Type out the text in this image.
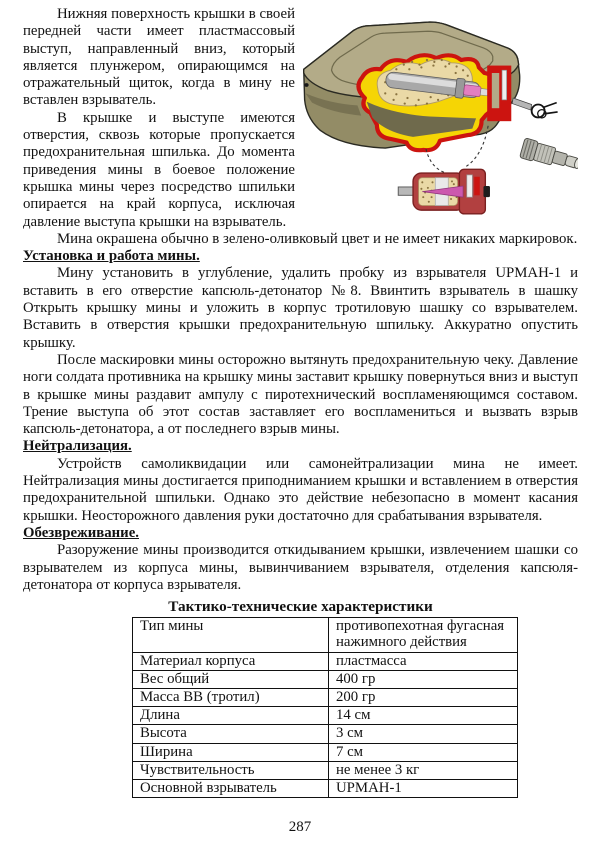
Нижняя поверхность крышки в своей передней части имеет пластмассовый выступ, направленный вниз, который является плунжером, опирающимся на отражательный щиток, когда в мину не вставлен взрыватель.

В крышке и выступе имеются отверстия, сквозь которые пропускается предохранительная шпилька. До момента приведения мины в боевое положение крышка мины через посредство шпильки опирается на край корпуса, исключая давление выступа крышки на взрыватель.

Мина окрашена обычно в зелено-оливковый цвет и не имеет никаких маркировок.

Установка и работа мины.

Мину установить в углубление, удалить пробку из взрывателя UPMAH-1 и вставить в его отверстие капсюль-детонатор №8. Ввинтить взрыватель в шашку Открыть крышку мины и уложить в корпус тротиловую шашку со взрывателем. Вставить в отверстия крышки предохранительную шпильку. Аккуратно опустить крышку.

После маскировки мины осторожно вытянуть предохранительную чеку. Давление ноги солдата противника на крышку мины заставит крышку повернуться вниз и выступ в крышке мины раздавит ампулу с пиротехнический воспламеняющимся составом. Трение выступа об этот состав заставляет его воспламениться и вызвать взрыв капсюль-детонатора, а от последнего взрыв мины.

Нейтрализация.

Устройств самоликвидации или самонейтрализации мина не имеет. Нейтрализация мины достигается приподниманием крышки и вставлением в отверстия предохранительной шпильки. Однако это действие небезопасно в момент касания крышки. Неосторожного давления руки достаточно для срабатывания взрывателя.

Обезвреживание.

Разоружение мины производится откидыванием крышки, извлечением шашки со взрывателем из корпуса мины, вывинчиванием взрывателя, отделения капсюля-детонатора от корпуса взрывателя.

Тактико-технические характеристики
Тип мины	противопехотная фугасная нажимного действия
Материал корпуса	пластмасса
Вес общий	400 гр
Масса ВВ (тротил)	200 гр
Длина	14 см
Высота	3 см
Ширина	7 см
Чувствительность	не менее 3 кг
Основной взрыватель	UPMAH-1
287
